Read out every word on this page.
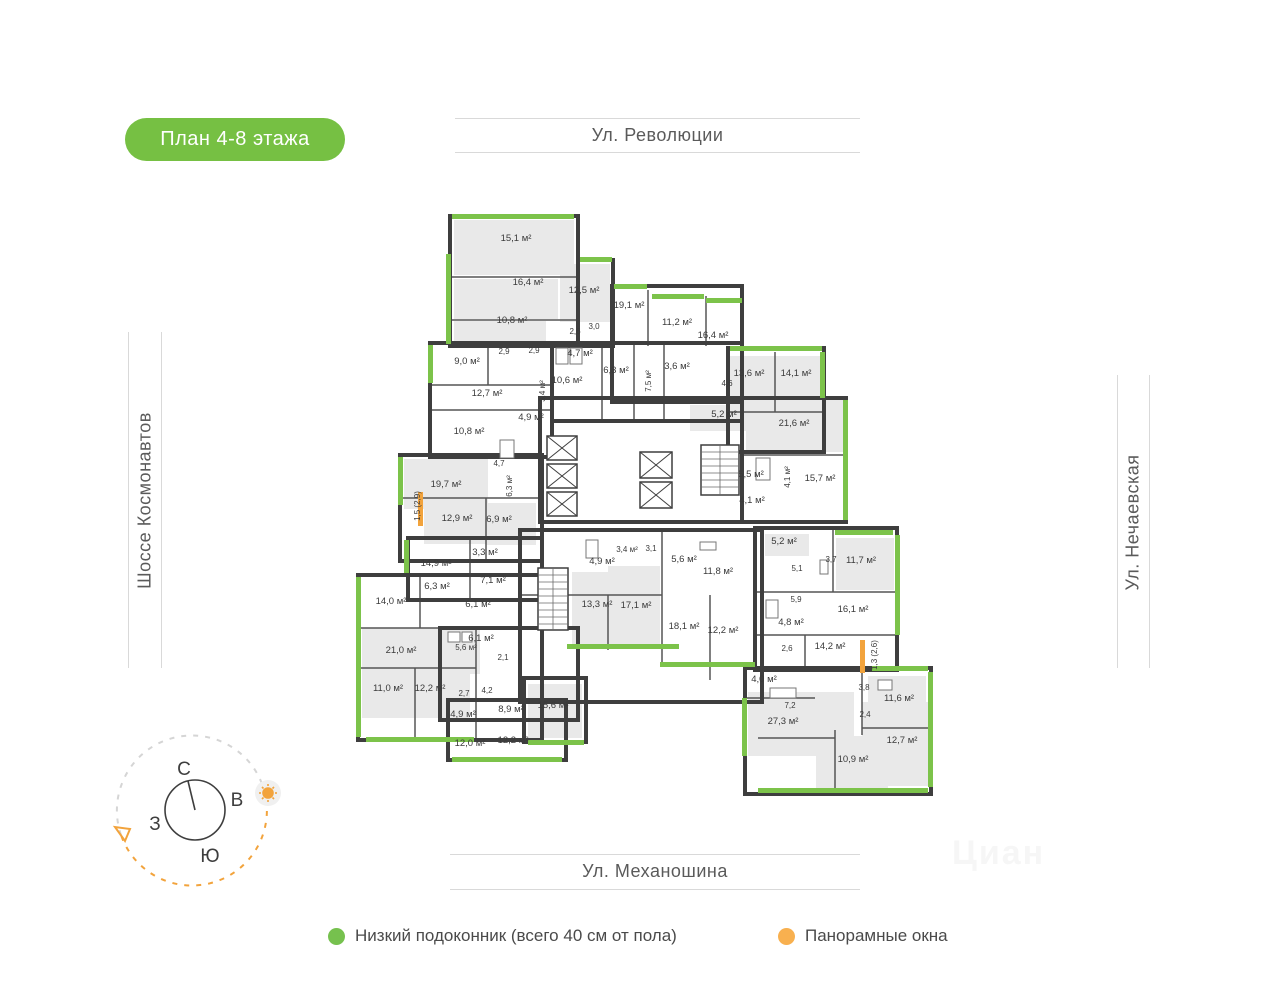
План 4-8 этажа	Ул. Революции
Ул. Механошина
Шоссе Космонавтов	Ул. Нечаевская
15,1 м²
16,4 м²
12,5 м²
10,8 м²
2,6
3,0
19,1 м²
11,2 м²
16,4 м²
2,9 2,9
9,0 м²
4,7 м²
12,7 м²
10,6 м²
6,3 м²	3,6 м²
3,4 м²	7,5 м²	13,6 м² 14,1 м²
4,6
4,9 м²	5,2 м²
21,6 м²
10,8 м²
4,7
6,3 м²
19,7 м²
5,5 м² 4,1 м² 15,7 м²
4,1 м²
1,5 (2,9) 12,9 м² 6,9 м²
3,3 м²
14,9 м²
7,1 м²
6,3 м²
14,0 м²	6,1 м²
4,9 м²
3,4 м² 3,1
5,6 м²
11,8 м²
13,3 м² 17,1 м²
18,1 м² 12,2 м²
5,2 м²
5,1
3,7 11,7 м²
5,9
16,1 м²
4,8 м²
2,6 14,2 м²	1,3 (2,6)
21,0 м²
6,1 м²
5,6 м²
2,1
11,0 м² 12,2 м² 2,7 4,2
4,9 м² 8,9 м² 15,6 м²
12,0 м² 12,2 м²
4,0 м²
7,2
3,8
2,4
11,6 м²
27,3 м²
10,9 м²
12,7 м²
С
В
З
Ю	Циан
Низкий подоконник (всего 40 см от пола)	Панорамные окна
